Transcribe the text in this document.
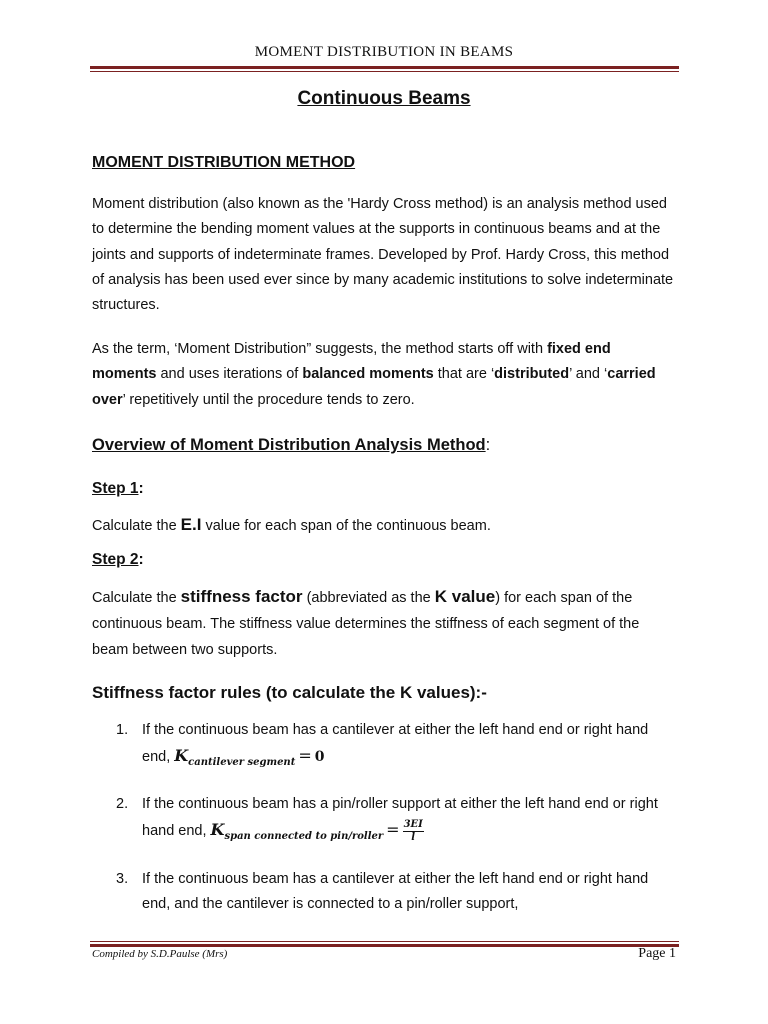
MOMENT DISTRIBUTION IN BEAMS
Continuous Beams
MOMENT DISTRIBUTION METHOD
Moment distribution (also known as the 'Hardy Cross method) is an analysis method used to determine the bending moment values at the supports in continuous beams and at the joints and supports of indeterminate frames. Developed by Prof. Hardy Cross, this method of analysis has been used ever since by many academic institutions to solve indeterminate structures.
As the term, ‘Moment Distribution” suggests, the method starts off with fixed end moments and uses iterations of balanced moments that are ‘distributed’ and ‘carried over’ repetitively until the procedure tends to zero.
Overview of Moment Distribution Analysis Method:
Step 1:
Calculate the E.I value for each span of the continuous beam.
Step 2:
Calculate the stiffness factor (abbreviated as the K value) for each span of the continuous beam. The stiffness value determines the stiffness of each segment of the beam between two supports.
Stiffness factor rules (to calculate the K values):-
1. If the continuous beam has a cantilever at either the left hand end or right hand end, $K_{cantilever segment} = 0$
2. If the continuous beam has a pin/roller support at either the left hand end or right hand end, $K_{span connected to pin/roller} = \frac{3EI}{l}$
3. If the continuous beam has a cantilever at either the left hand end or right hand end, and the cantilever is connected to a pin/roller support,
Compiled by S.D.Paulse (Mrs)	Page 1
